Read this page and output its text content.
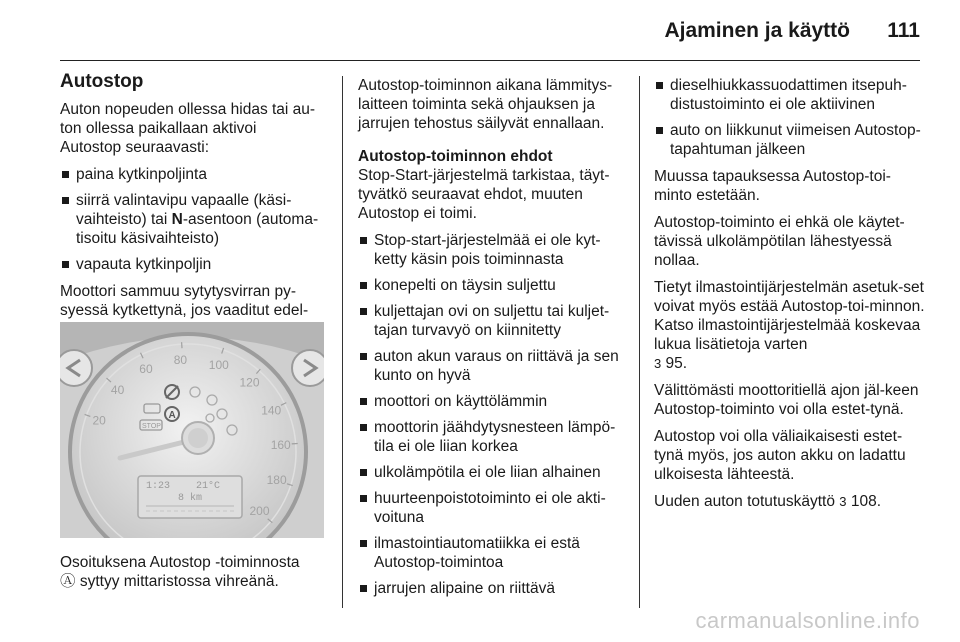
Ajaminen ja käyttö 111

Autostop

Auton nopeuden ollessa hidas tai au-ton ollessa paikallaan aktivoi

Autostop seuraavasti:

paina kytkinpoljinta
siirrä valintavipu vapaalle (käsi-vaihteisto) tai N-asentoon (automa-tisoitu käsivaihteisto)
vapauta kytkinpoljin

Moottori sammuu sytytysvirran py-syessä kytkettynä, jos vaaditut edel-

20
40
60
80 100
120
140
160
180
200
A
STOP
1:23	21°C
8 km
Osoituksena Autostop -toiminnosta
Ⓐ syttyy mittaristossa vihreänä.

Autostop-toiminnon aikana lämmitys-laitteen toiminta sekä ohjauksen ja jarrujen tehostus säilyvät ennallaan.

Autostop-toiminnon ehdot

Stop-Start-järjestelmä tarkistaa, täyt-tyvätkö seuraavat ehdot, muuten Autostop ei toimi.

Stop-start-järjestelmää ei ole kyt-ketty käsin pois toiminnasta
konepelti on täysin suljettu
kuljettajan ovi on suljettu tai kuljet-tajan turvavyö on kiinnitetty
auton akun varaus on riittävä ja sen kunto on hyvä
moottori on käyttölämmin
moottorin jäähdytysnesteen lämpö-tila ei ole liian korkea
ulkolämpötila ei ole liian alhainen
huurteenpoistotoiminto ei ole akti-voituna
ilmastointiautomatiikka ei estä Autostop-toimintoa
jarrujen alipaine on riittävä
dieselhiukkassuodattimen itsepuh-distustoiminto ei ole aktiivinen
auto on liikkunut viimeisen Autostop-tapahtuman jälkeen

Muussa tapauksessa Autostop-toi-minto estetään.

Autostop-toiminto ei ehkä ole käytet-tävissä ulkolämpötilan lähestyessä nollaa.

Tietyt ilmastointijärjestelmän asetuk-set voivat myös estää Autostop-toi-minnon. Katso ilmastointijärjestelmää koskevaa lukua lisätietoja varten

3 95.

Välittömästi moottoritiellä ajon jäl-keen Autostop-toiminto voi olla estet-tynä.

Autostop voi olla väliaikaisesti estet-tynä myös, jos auton akku on ladattu ulkoisesta lähteestä.

Uuden auton totutuskäyttö 3 108.

carmanualsonline.info
